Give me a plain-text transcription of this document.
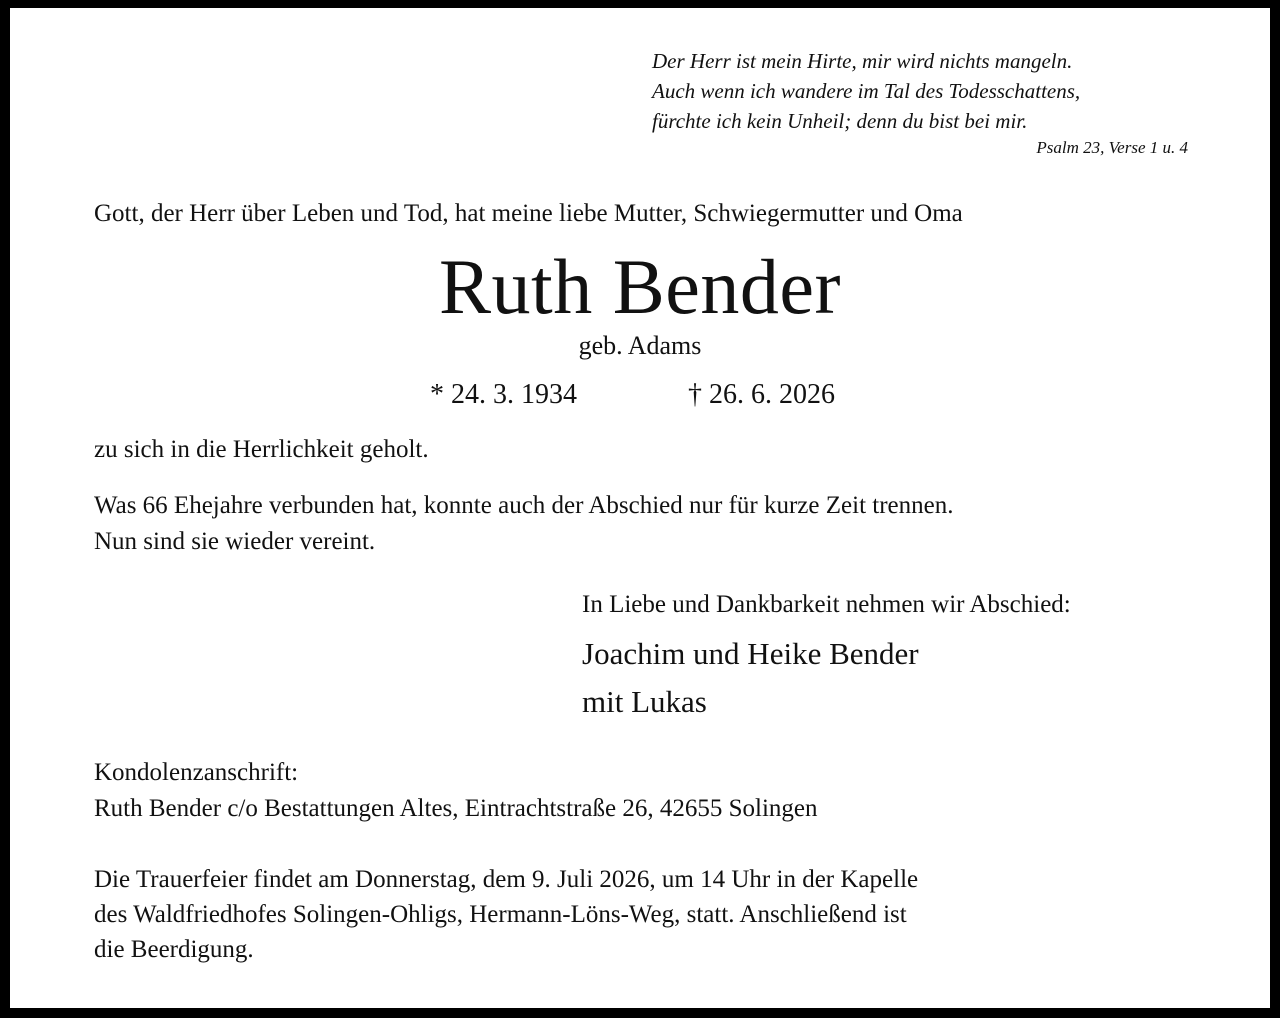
Der Herr ist mein Hirte, mir wird nichts mangeln.
Auch wenn ich wandere im Tal des Todesschattens,
fürchte ich kein Unheil; denn du bist bei mir.
Psalm 23, Verse 1 u. 4
Gott, der Herr über Leben und Tod, hat meine liebe Mutter, Schwiegermutter und Oma
Ruth Bender
geb. Adams
* 24. 3. 1934	† 26. 6. 2026
zu sich in die Herrlichkeit geholt.
Was 66 Ehejahre verbunden hat, konnte auch der Abschied nur für kurze Zeit trennen.
Nun sind sie wieder vereint.
In Liebe und Dankbarkeit nehmen wir Abschied:
Joachim und Heike Bender
mit Lukas
Kondolenzanschrift:
Ruth Bender c/o Bestattungen Altes, Eintrachtstraße 26, 42655 Solingen
Die Trauerfeier findet am Donnerstag, dem 9. Juli 2026, um 14 Uhr in der Kapelle
des Waldfriedhofes Solingen-Ohligs, Hermann-Löns-Weg, statt. Anschließend ist
die Beerdigung.
